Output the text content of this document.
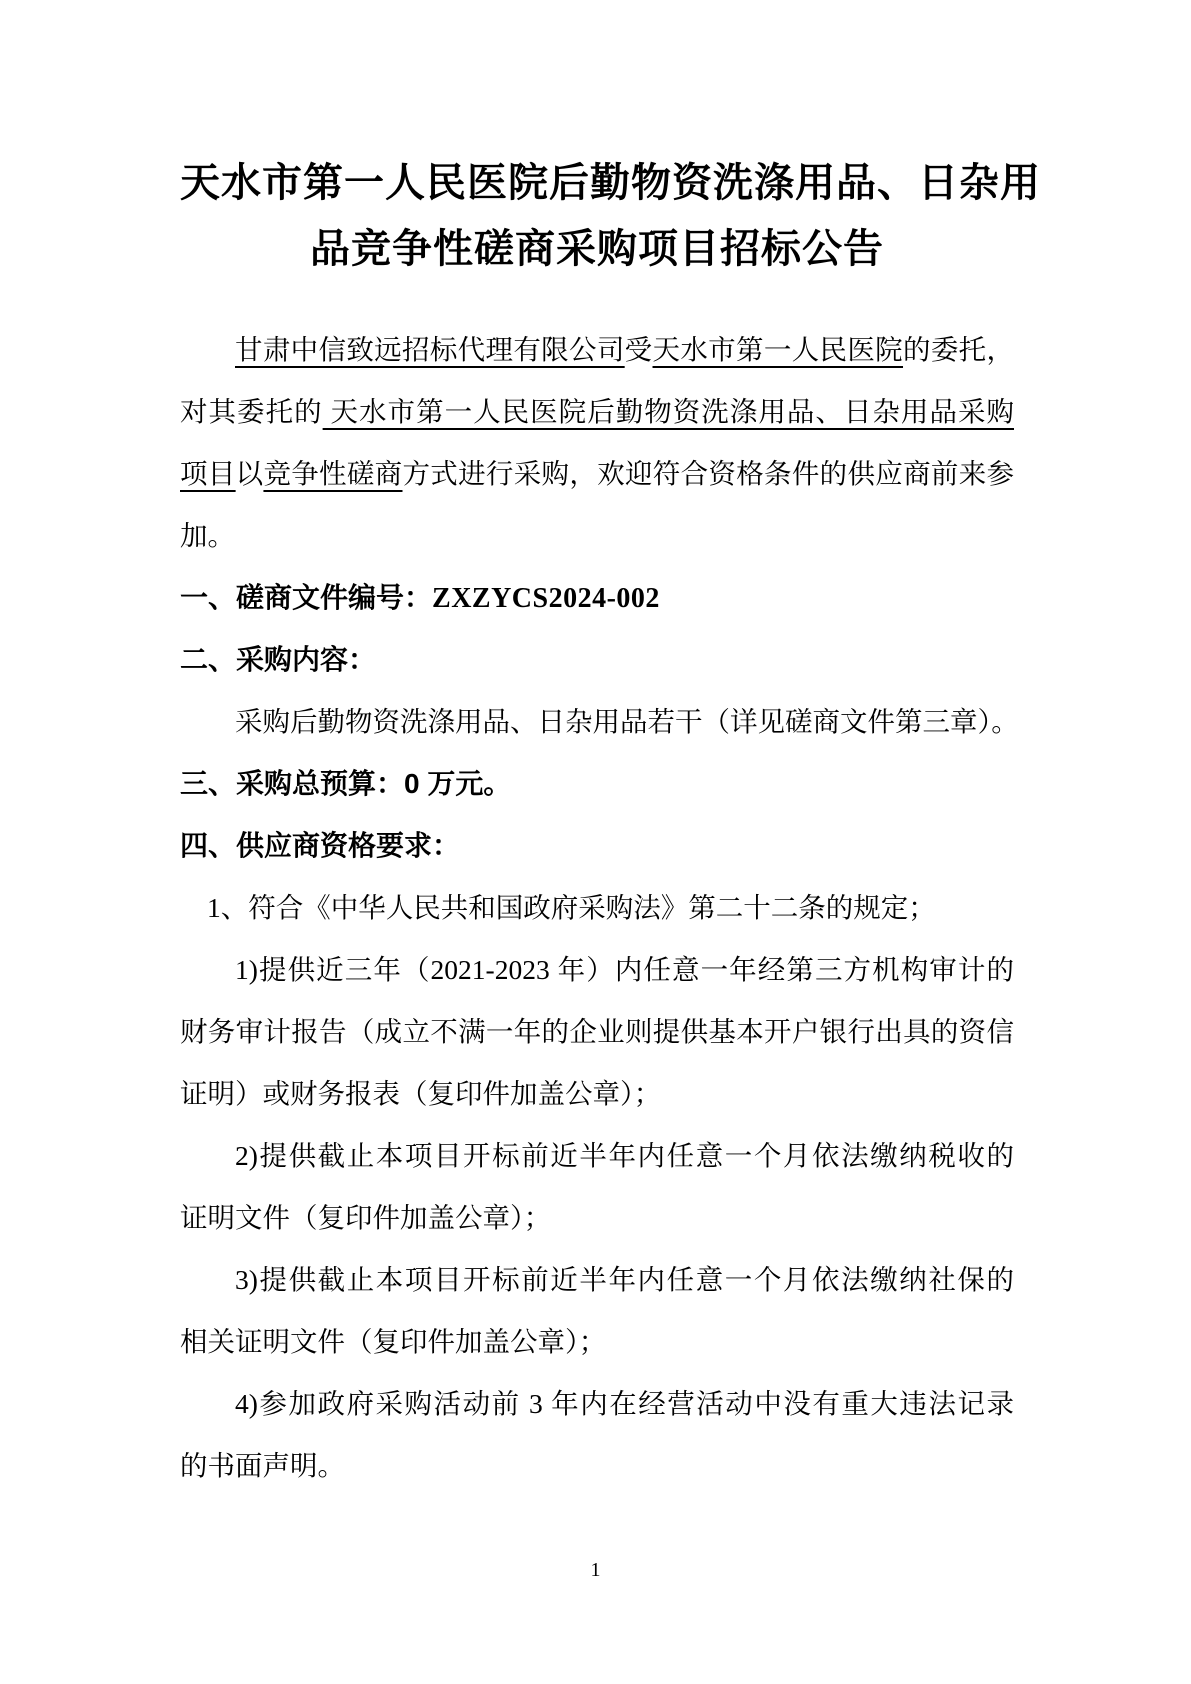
天水市第一人民医院后勤物资洗涤用品、日杂用
品竞争性磋商采购项目招标公告
甘肃中信致远招标代理有限公司受天水市第一人民医院的委托，
对其委托的 天水市第一人民医院后勤物资洗涤用品、日杂用品采购
项目以竞争性磋商方式进行采购，欢迎符合资格条件的供应商前来参
加。
一、磋商文件编号：ZXZYCS2024-002
二、采购内容：
采购后勤物资洗涤用品、日杂用品若干（详见磋商文件第三章）。
三、采购总预算：0 万元。
四、供应商资格要求：
1、符合《中华人民共和国政府采购法》第二十二条的规定；
1)提供近三年（2021-2023 年）内任意一年经第三方机构审计的
财务审计报告（成立不满一年的企业则提供基本开户银行出具的资信
证明）或财务报表（复印件加盖公章）；
2)提供截止本项目开标前近半年内任意一个月依法缴纳税收的
证明文件（复印件加盖公章）；
3)提供截止本项目开标前近半年内任意一个月依法缴纳社保的
相关证明文件（复印件加盖公章）；
4)参加政府采购活动前 3 年内在经营活动中没有重大违法记录
的书面声明。
1
